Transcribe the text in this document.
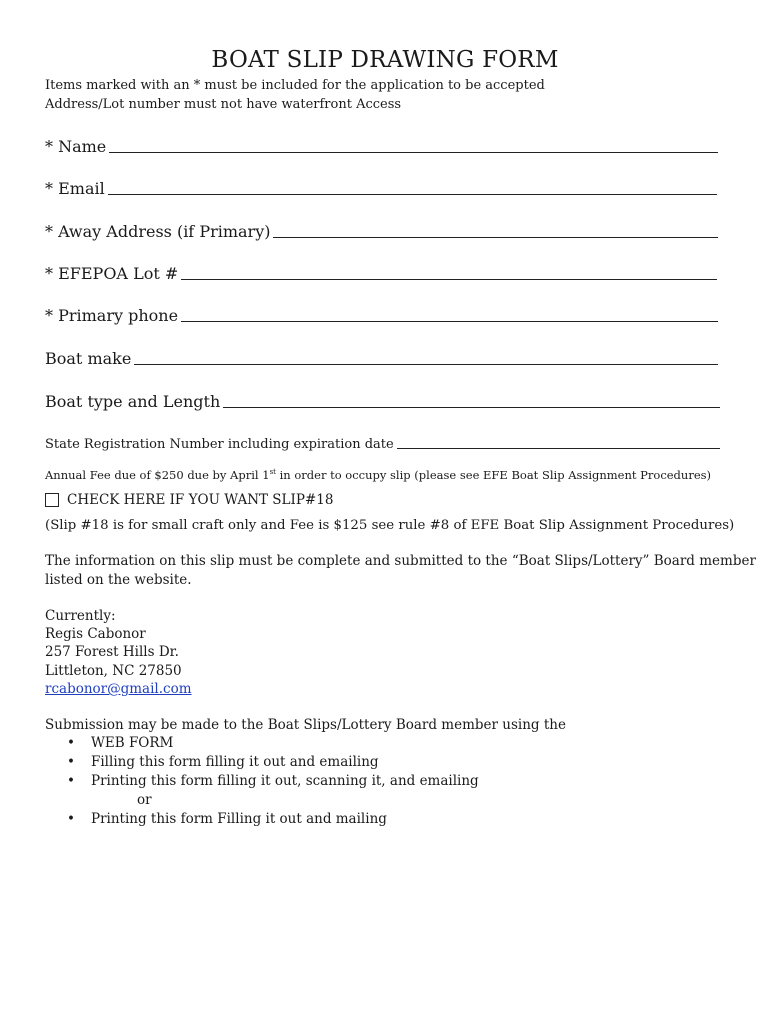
BOAT SLIP DRAWING FORM
Items marked with an * must be included for the application to be accepted
Address/Lot number must not have waterfront Access
* Name
* Email
* Away Address (if Primary)
* EFEPOA Lot #
* Primary phone
Boat make
Boat type and Length
State Registration Number including expiration date
Annual Fee due of $250 due by April 1st in order to occupy slip (please see EFE Boat Slip Assignment Procedures)
CHECK HERE IF YOU WANT SLIP#18
(Slip #18 is for small craft only and Fee is $125 see rule #8 of EFE Boat Slip Assignment Procedures)
The information on this slip must be complete and submitted to the “Boat Slips/Lottery” Board member
listed on the website.
Currently:
Regis Cabonor
257 Forest Hills Dr.
Littleton, NC 27850
rcabonor@gmail.com
Submission may be made to the Boat Slips/Lottery Board member using the
• WEB FORM
• Filling this form filling it out and emailing
• Printing this form filling it out, scanning it, and emailing
or
• Printing this form Filling it out and mailing
